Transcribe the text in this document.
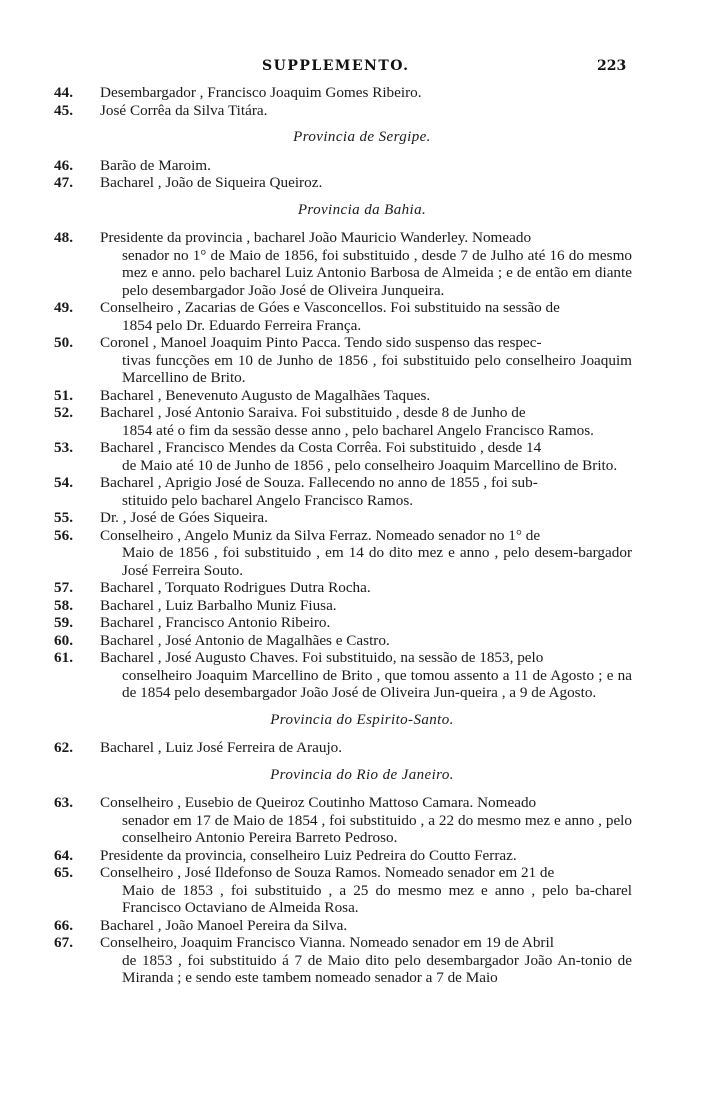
SUPPLEMENTO.	223
44.	Desembargador , Francisco Joaquim Gomes Ribeiro.
45.	José Corrêa da Silva Titára.
Provincia de Sergipe.
46.	Barão de Maroim.
47.	Bacharel , João de Siqueira Queiroz.
Provincia da Bahia.
48.	Presidente da provincia , bacharel João Mauricio Wanderley. Nomeado
senador no 1° de Maio de 1856, foi substituido , desde 7 de Julho até 16 do mesmo mez e anno. pelo bacharel Luiz Antonio Barbosa de Almeida ; e de então em diante pelo desembargador João José de Oliveira Junqueira.
49.	Conselheiro , Zacarias de Góes e Vasconcellos. Foi substituido na sessão de
1854 pelo Dr. Eduardo Ferreira França.
50.	Coronel , Manoel Joaquim Pinto Pacca. Tendo sido suspenso das respec-
tivas funcções em 10 de Junho de 1856 , foi substituido pelo conselheiro Joaquim Marcellino de Brito.
51.	Bacharel , Benevenuto Augusto de Magalhães Taques.
52.	Bacharel , José Antonio Saraiva. Foi substituido , desde 8 de Junho de
1854 até o fim da sessão desse anno , pelo bacharel Angelo Francisco Ramos.
53.	Bacharel , Francisco Mendes da Costa Corrêa. Foi substituido , desde 14
de Maio até 10 de Junho de 1856 , pelo conselheiro Joaquim Marcellino de Brito.
54.	Bacharel , Aprigio José de Souza. Fallecendo no anno de 1855 , foi sub-
stituido pelo bacharel Angelo Francisco Ramos.
55.	Dr. , José de Góes Siqueira.
56.	Conselheiro , Angelo Muniz da Silva Ferraz. Nomeado senador no 1° de
Maio de 1856 , foi substituido , em 14 do dito mez e anno , pelo desem-bargador José Ferreira Souto.
57.	Bacharel , Torquato Rodrigues Dutra Rocha.
58.	Bacharel , Luiz Barbalho Muniz Fiusa.
59.	Bacharel , Francisco Antonio Ribeiro.
60.	Bacharel , José Antonio de Magalhães e Castro.
61.	Bacharel , José Augusto Chaves. Foi substituido, na sessão de 1853, pelo
conselheiro Joaquim Marcellino de Brito , que tomou assento a 11 de Agosto ; e na de 1854 pelo desembargador João José de Oliveira Jun-queira , a 9 de Agosto.
Provincia do Espirito-Santo.
62.	Bacharel , Luiz José Ferreira de Araujo.
Provincia do Rio de Janeiro.
63.	Conselheiro , Eusebio de Queiroz Coutinho Mattoso Camara. Nomeado
senador em 17 de Maio de 1854 , foi substituido , a 22 do mesmo mez e anno , pelo conselheiro Antonio Pereira Barreto Pedroso.
64.	Presidente da provincia, conselheiro Luiz Pedreira do Coutto Ferraz.
65.	Conselheiro , José Ildefonso de Souza Ramos. Nomeado senador em 21 de
Maio de 1853 , foi substituido , a 25 do mesmo mez e anno , pelo ba-charel Francisco Octaviano de Almeida Rosa.
66.	Bacharel , João Manoel Pereira da Silva.
67.	Conselheiro, Joaquim Francisco Vianna. Nomeado senador em 19 de Abril
de 1853 , foi substituido á 7 de Maio dito pelo desembargador João An-tonio de Miranda ; e sendo este tambem nomeado senador a 7 de Maio
